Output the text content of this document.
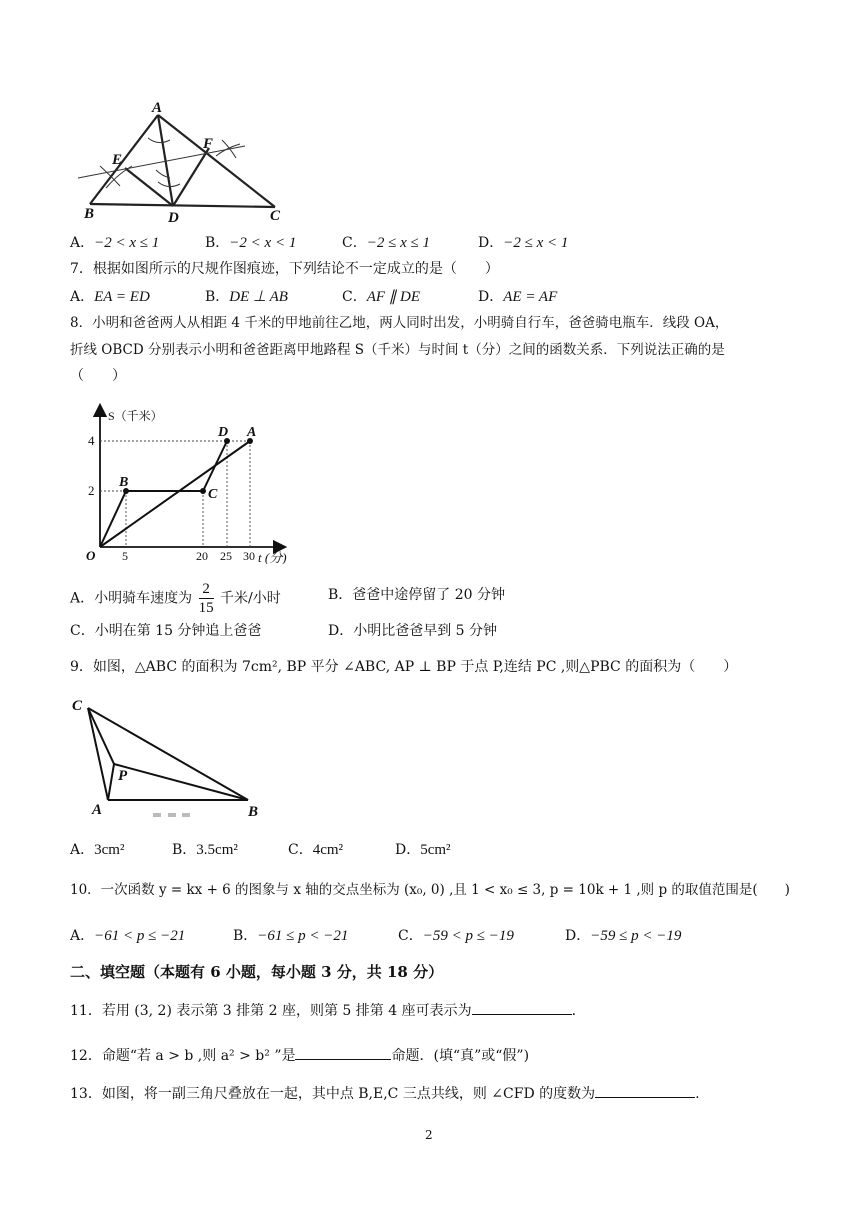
A
E
F
B	D	C
A．−2 < x ≤ 1	B．−2 < x < 1	C．−2 ≤ x ≤ 1	D．−2 ≤ x < 1
7．根据如图所示的尺规作图痕迹，下列结论不一定成立的是（　　）
A．EA = ED	B．DE ⊥ AB	C．AF ∥ DE	D．AE = AF
8．小明和爸爸两人从相距 4 千米的甲地前往乙地，两人同时出发，小明骑自行车，爸爸骑电瓶车．线段 OA，
折线 OBCD 分别表示小明和爸爸距离甲地路程 S（千米）与时间 t（分）之间的函数关系．下列说法正确的是
（　　）
S（千米）
t (分)
O
4
2
5	20 25 30
B
C
D A
A．小明骑车速度为 $\frac{2}{15}$ 千米/小时	B．爸爸中途停留了 20 分钟
C．小明在第 15 分钟追上爸爸	D．小明比爸爸早到 5 分钟
9．如图，△ABC 的面积为 7cm², BP 平分 ∠ABC, AP ⊥ BP 于点 P,连结 PC ,则△PBC 的面积为（　　）
C
P
A	B
A．3cm²	B．3.5cm²	C．4cm²	D．5cm²
10．一次函数 y = kx + 6 的图象与 x 轴的交点坐标为 (x₀, 0) ,且 1 < x₀ ≤ 3, p = 10k + 1 ,则 p 的取值范围是(　　)
A．−61 < p ≤ −21	B．−61 ≤ p < −21	C．−59 < p ≤ −19	D．−59 ≤ p < −19
二、填空题（本题有 6 小题，每小题 3 分，共 18 分）
11．若用 (3, 2) 表示第 3 排第 2 座，则第 5 排第 4 座可表示为	.
12．命题“若 a > b ,则 a² > b² ”是	命题．(填“真”或“假”)
13．如图，将一副三角尺叠放在一起，其中点 B,E,C 三点共线，则 ∠CFD 的度数为	.
2
